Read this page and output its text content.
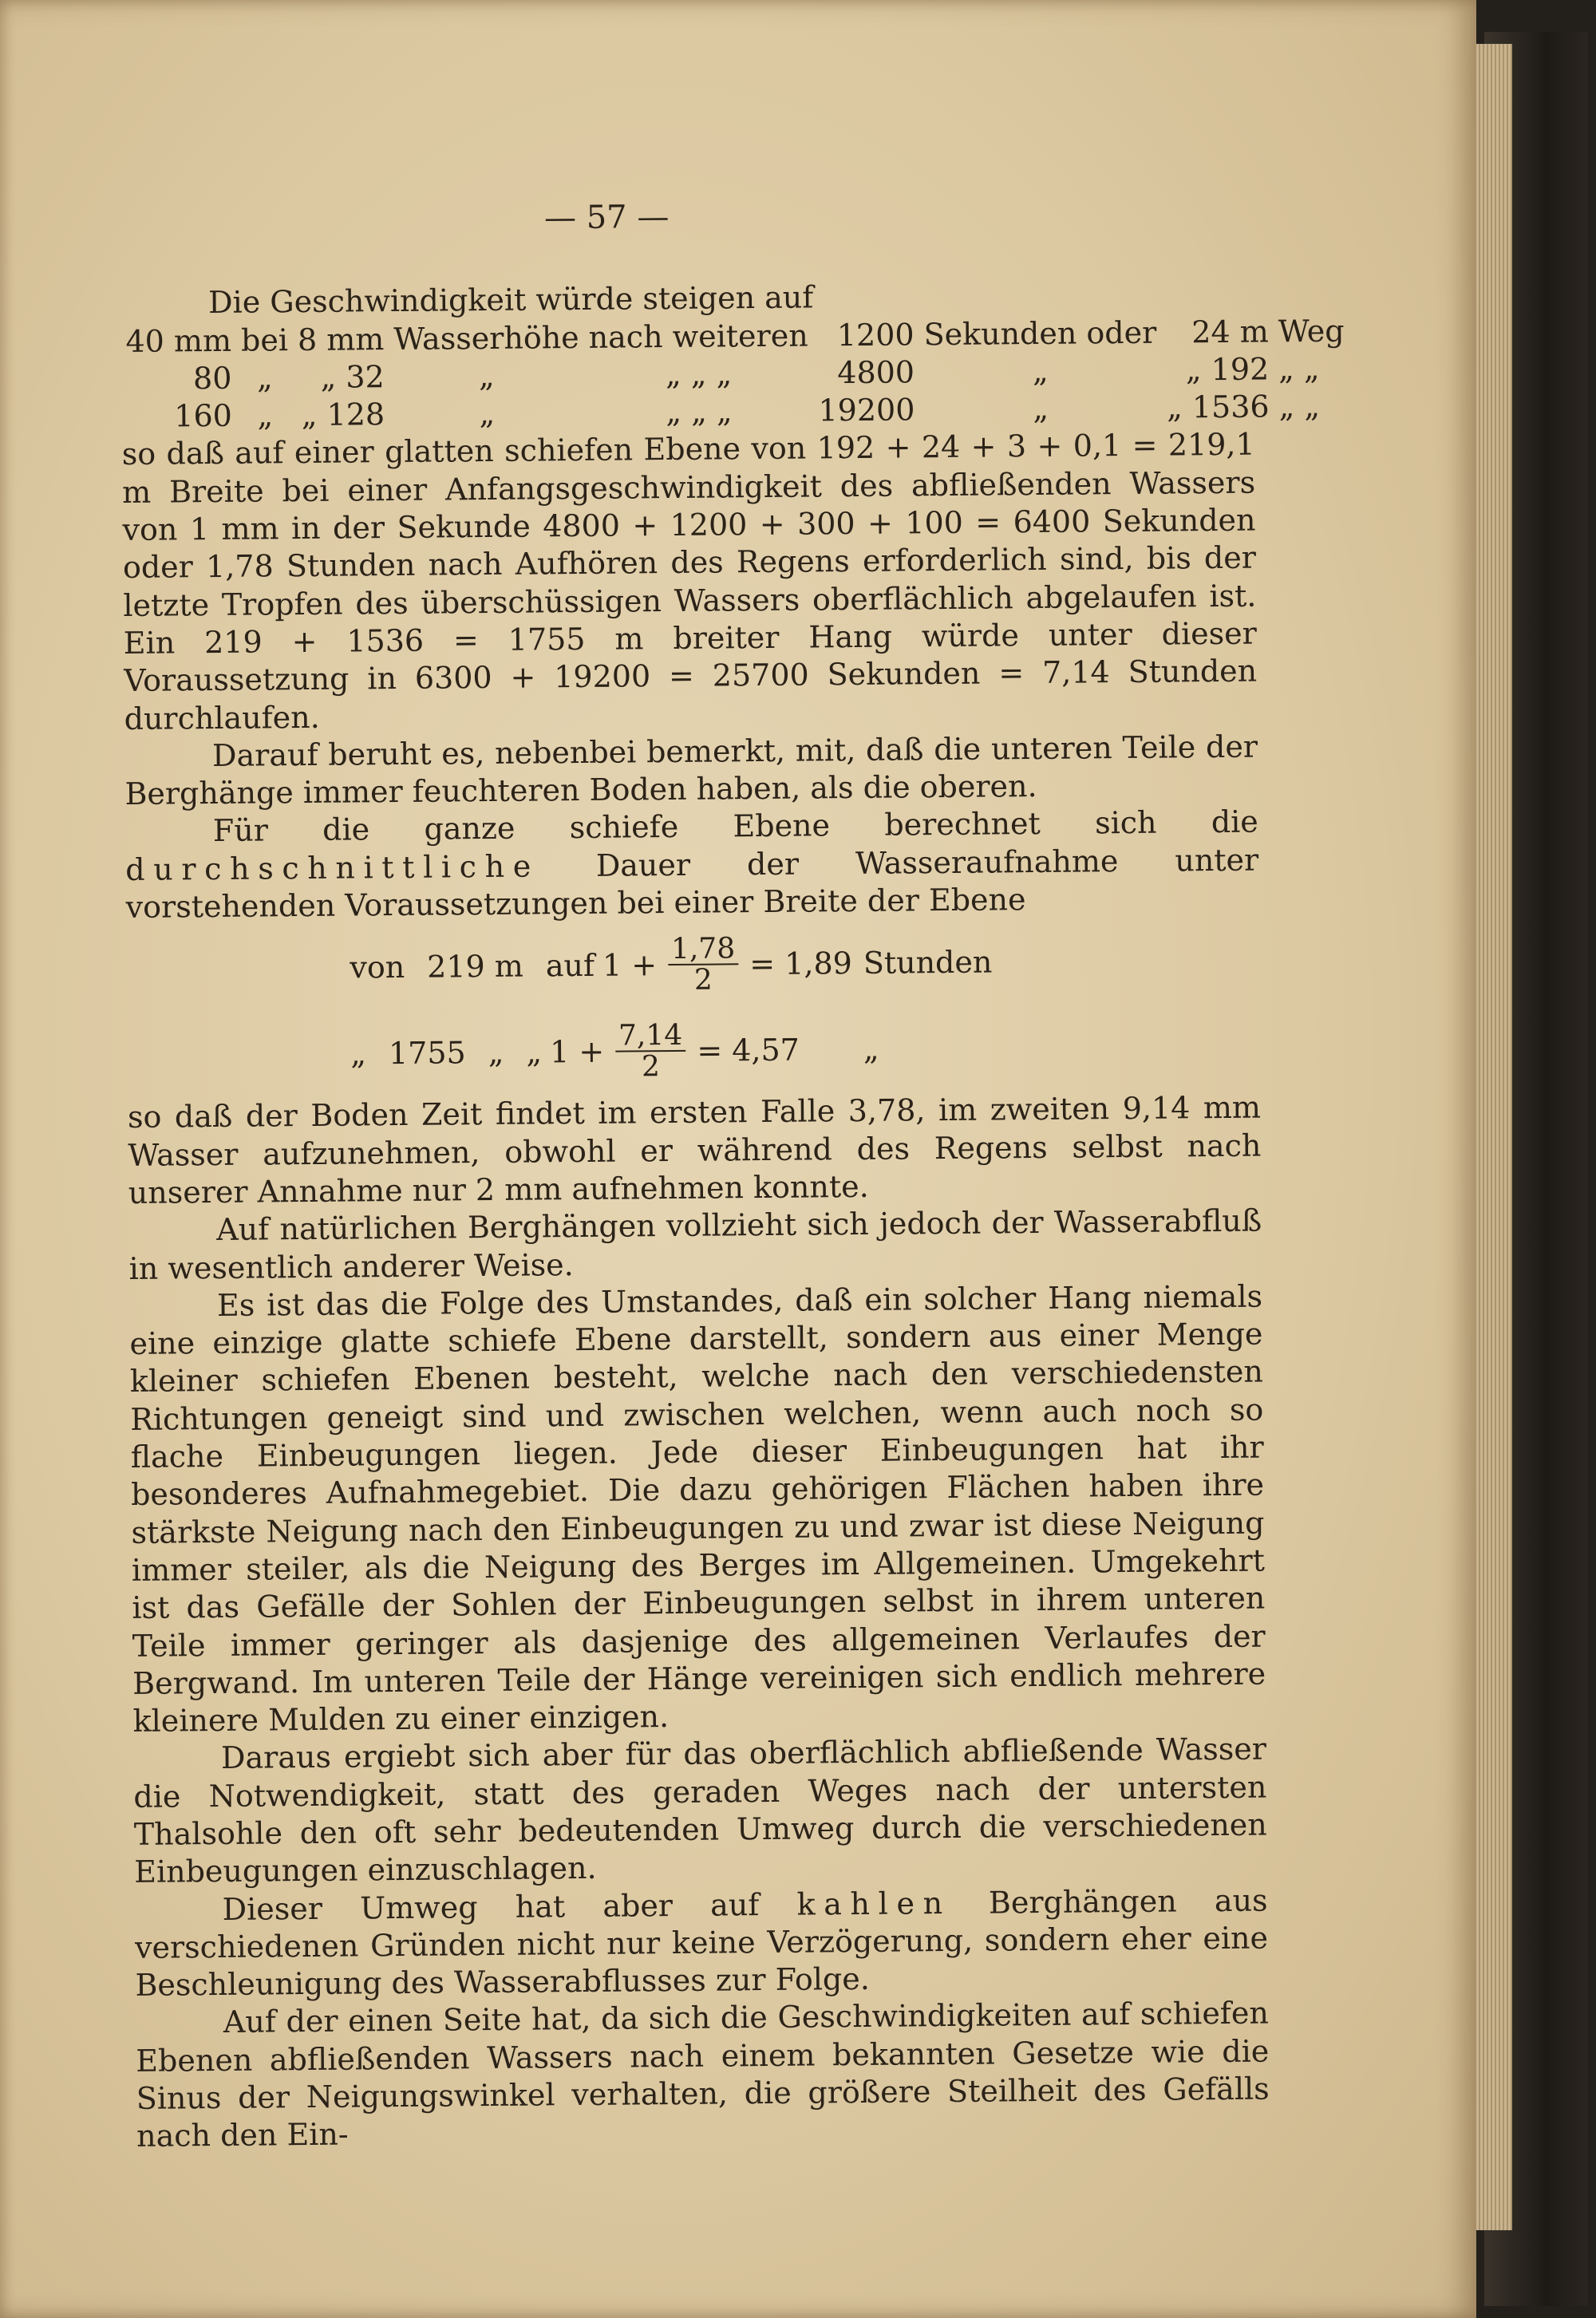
— 57 —
Die Geschwindigkeit würde steigen auf
40 mm	bei	8 mm	Wasserhöhe	nach weiteren	1200	Sekunden oder	24 m	Weg
80	„	„ 32	„	„ „ „	4800	„	„ 192	„ „
160	„	„ 128	„	„ „ „	19200	„	„ 1536	„ „
so daß auf einer glatten schiefen Ebene von 192 + 24 + 3 + 0,1 = 219,1 m Breite bei einer Anfangsgeschwindigkeit des abfließenden Wassers von 1 mm in der Sekunde 4800 + 1200 + 300 + 100 = 6400 Sekunden oder 1,78 Stunden nach Aufhören des Regens erforderlich sind, bis der letzte Tropfen des überschüssigen Wassers oberflächlich abgelaufen ist. Ein 219 + 1536 = 1755 m breiter Hang würde unter dieser Voraussetzung in 6300 + 19200 = 25700 Sekunden = 7,14 Stunden durchlaufen.
Darauf beruht es, nebenbei bemerkt, mit, daß die unteren Teile der Berghänge immer feuchteren Boden haben, als die oberen.
Für die ganze schiefe Ebene berechnet sich die durchschnittliche Dauer der Wasseraufnahme unter vorstehenden Voraussetzungen bei einer Breite der Ebene
von 219 m auf $1 + \frac{1,78}{2} = 1,89$ Stunden
„ 1755 „ „ $1 + \frac{7,14}{2} = 4,57$ „
so daß der Boden Zeit findet im ersten Falle 3,78, im zweiten 9,14 mm Wasser aufzunehmen, obwohl er während des Regens selbst nach unserer Annahme nur 2 mm aufnehmen konnte.
Auf natürlichen Berghängen vollzieht sich jedoch der Wasserabfluß in wesentlich anderer Weise.
Es ist das die Folge des Umstandes, daß ein solcher Hang niemals eine einzige glatte schiefe Ebene darstellt, sondern aus einer Menge kleiner schiefen Ebenen besteht, welche nach den verschiedensten Richtungen geneigt sind und zwischen welchen, wenn auch noch so flache Einbeugungen liegen. Jede dieser Einbeugungen hat ihr besonderes Aufnahmegebiet. Die dazu gehörigen Flächen haben ihre stärkste Neigung nach den Einbeugungen zu und zwar ist diese Neigung immer steiler, als die Neigung des Berges im Allgemeinen. Umgekehrt ist das Gefälle der Sohlen der Einbeugungen selbst in ihrem unteren Teile immer geringer als dasjenige des allgemeinen Verlaufes der Bergwand. Im unteren Teile der Hänge vereinigen sich endlich mehrere kleinere Mulden zu einer einzigen.
Daraus ergiebt sich aber für das oberflächlich abfließende Wasser die Notwendigkeit, statt des geraden Weges nach der untersten Thalsohle den oft sehr bedeutenden Umweg durch die verschiedenen Einbeugungen einzuschlagen.
Dieser Umweg hat aber auf kahlen Berghängen aus verschiedenen Gründen nicht nur keine Verzögerung, sondern eher eine Beschleunigung des Wasserabflusses zur Folge.
Auf der einen Seite hat, da sich die Geschwindigkeiten auf schiefen Ebenen abfließenden Wassers nach einem bekannten Gesetze wie die Sinus der Neigungswinkel verhalten, die größere Steilheit des Gefälls nach den Ein-
